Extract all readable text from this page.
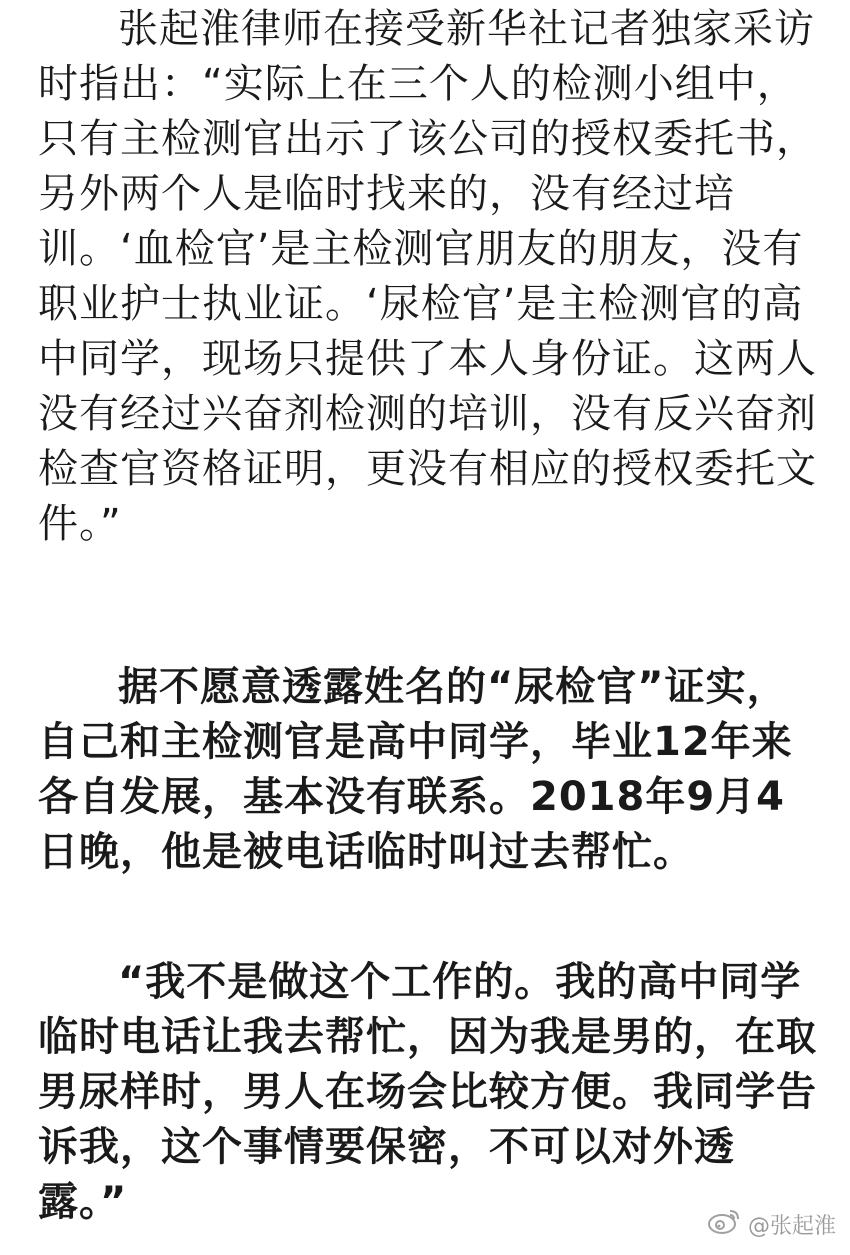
张起淮律师在接受新华社记者独家采访时指出：“实际上在三个人的检测小组中，只有主检测官出示了该公司的授权委托书，另外两个人是临时找来的，没有经过培训。‘血检官’是主检测官朋友的朋友，没有职业护士执业证。‘尿检官’是主检测官的高中同学，现场只提供了本人身份证。这两人没有经过兴奋剂检测的培训，没有反兴奋剂检查官资格证明，更没有相应的授权委托文件。”

据不愿意透露姓名的“尿检官”证实，自己和主检测官是高中同学，毕业12年来各自发展，基本没有联系。2018年9月4日晚，他是被电话临时叫过去帮忙。

“我不是做这个工作的。我的高中同学临时电话让我去帮忙，因为我是男的，在取男尿样时，男人在场会比较方便。我同学告诉我，这个事情要保密，不可以对外透露。”

@张起淮
